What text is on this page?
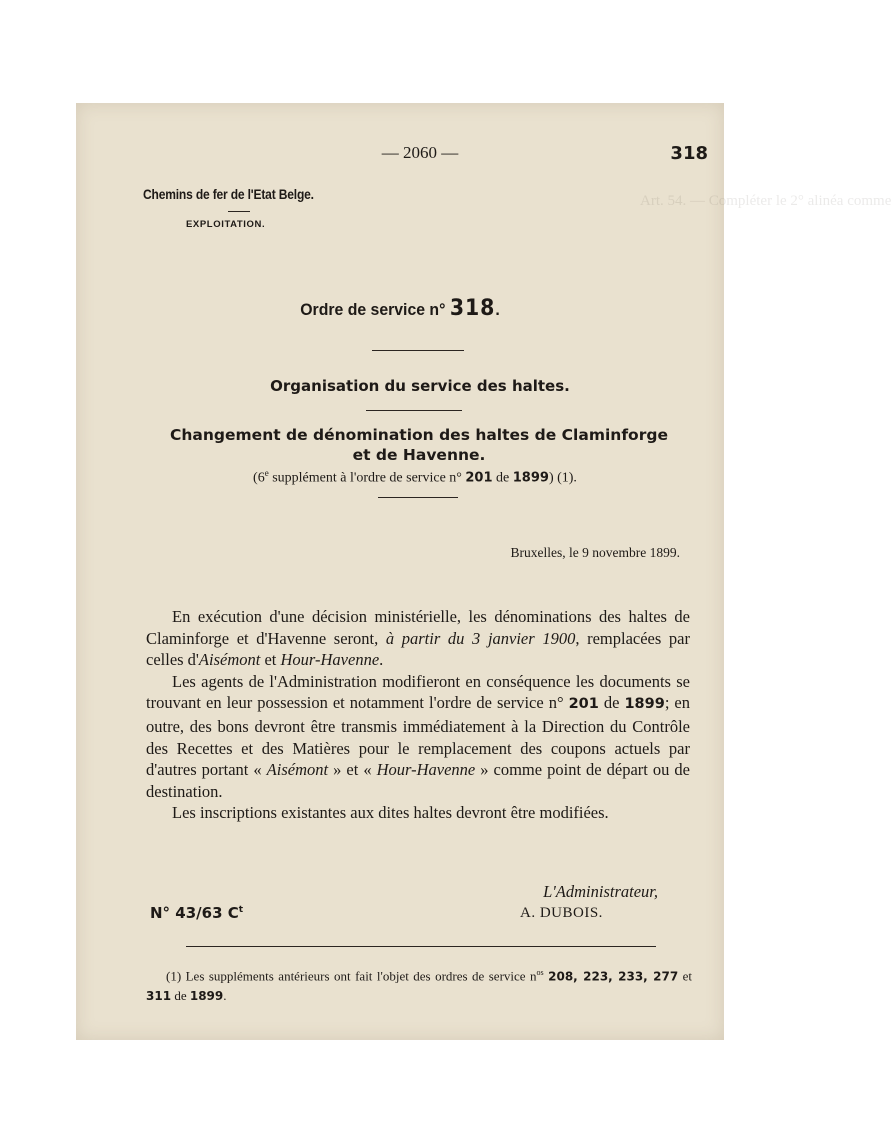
Art. 54. — Compléter le 2° alinéa comme
— 2060 —	318
Chemins de fer de l'Etat Belge.
EXPLOITATION.
Ordre de service n° 318.
Organisation du service des haltes.
Changement de dénomination des haltes de Claminforge
et de Havenne.
(6e supplément à l'ordre de service n° 201 de 1899) (1).
Bruxelles, le 9 novembre 1899.

En exécution d'une décision ministérielle, les dénominations des haltes de Claminforge et d'Havenne seront, à partir du 3 janvier 1900, remplacées par celles d'Aisémont et Hour-Havenne.

Les agents de l'Administration modifieront en conséquence les documents se trouvant en leur possession et notamment l'ordre de service n° 201 de 1899; en outre, des bons devront être transmis immédiatement à la Direction du Contrôle des Recettes et des Matières pour le remplacement des coupons actuels par d'autres portant « Aisémont » et « Hour-Havenne » comme point de départ ou de destination.

Les inscriptions existantes aux dites haltes devront être modifiées.

L'Administrateur,
N° 43/63 $C^t$	A. DUBOIS.

(1) Les suppléments antérieurs ont fait l'objet des ordres de service $n^{os}$ 208, 223, 233, 277 et 311 de 1899.
